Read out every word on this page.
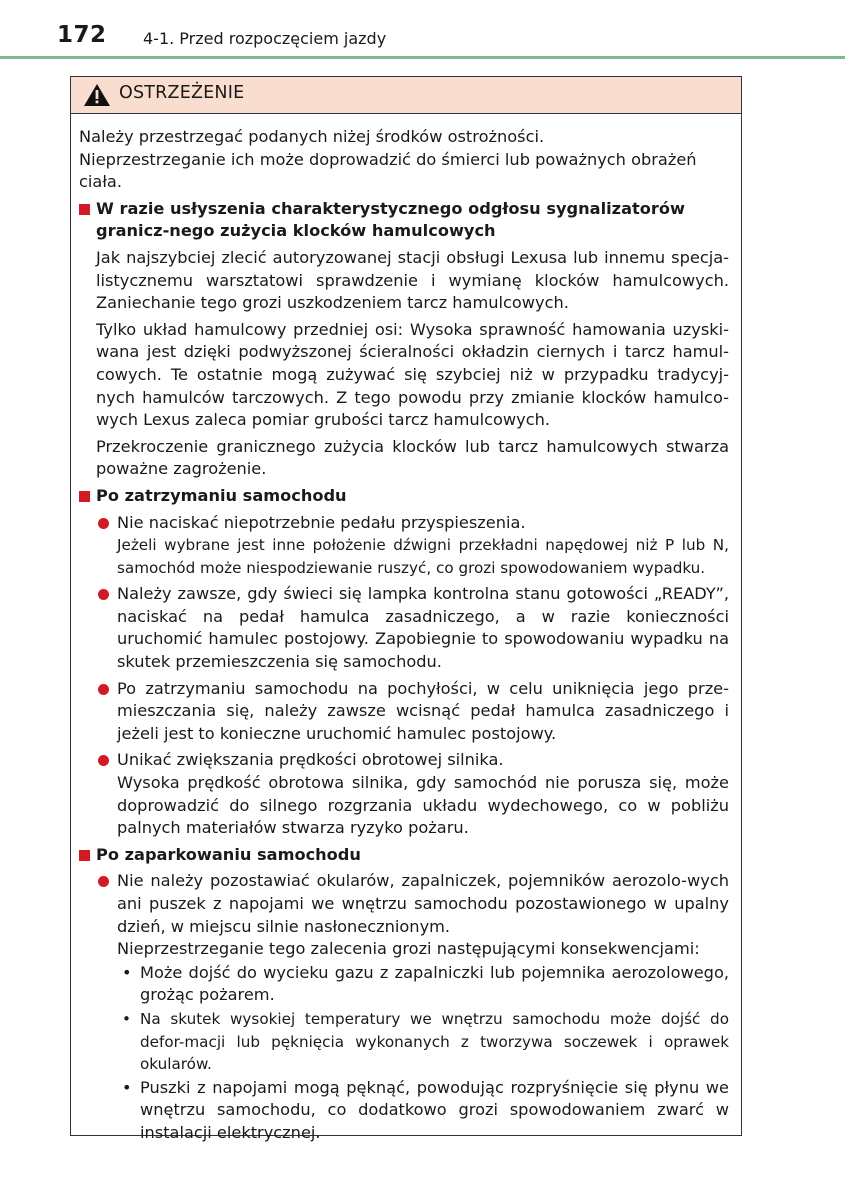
172 4-1. Przed rozpoczęciem jazdy
OSTRZEŻENIE

Należy przestrzegać podanych niżej środków ostrożności.

Nieprzestrzeganie ich może doprowadzić do śmierci lub poważnych obrażeń ciała.

W razie usłyszenia charakterystycznego odgłosu sygnalizatorów granicz-nego zużycia klocków hamulcowych

Jak najszybciej zlecić autoryzowanej stacji obsługi Lexusa lub innemu specja-listycznemu warsztatowi sprawdzenie i wymianę klocków hamulcowych. Zaniechanie tego grozi uszkodzeniem tarcz hamulcowych.

Tylko układ hamulcowy przedniej osi: Wysoka sprawność hamowania uzyski-wana jest dzięki podwyższonej ścieralności okładzin ciernych i tarcz hamul-cowych. Te ostatnie mogą zużywać się szybciej niż w przypadku tradycyj-nych hamulców tarczowych. Z tego powodu przy zmianie klocków hamulco-wych Lexus zaleca pomiar grubości tarcz hamulcowych.

Przekroczenie granicznego zużycia klocków lub tarcz hamulcowych stwarza poważne zagrożenie.

Po zatrzymaniu samochodu

Nie naciskać niepotrzebnie pedału przyspieszenia.
Jeżeli wybrane jest inne położenie dźwigni przekładni napędowej niż P lub N, samochód może niespodziewanie ruszyć, co grozi spowodowaniem wypadku.

Należy zawsze, gdy świeci się lampka kontrolna stanu gotowości „READY”, naciskać na pedał hamulca zasadniczego, a w razie konieczności uruchomić hamulec postojowy. Zapobiegnie to spowodowaniu wypadku na skutek przemieszczenia się samochodu.

Po zatrzymaniu samochodu na pochyłości, w celu uniknięcia jego prze-mieszczania się, należy zawsze wcisnąć pedał hamulca zasadniczego i jeżeli jest to konieczne uruchomić hamulec postojowy.

Unikać zwiększania prędkości obrotowej silnika.
Wysoka prędkość obrotowa silnika, gdy samochód nie porusza się, może doprowadzić do silnego rozgrzania układu wydechowego, co w pobliżu palnych materiałów stwarza ryzyko pożaru.

Po zaparkowaniu samochodu

Nie należy pozostawiać okularów, zapalniczek, pojemników aerozolo-wych ani puszek z napojami we wnętrzu samochodu pozostawionego w upalny dzień, w miejscu silnie nasłonecznionym.
Nieprzestrzeganie tego zalecenia grozi następującymi konsekwencjami:

• Może dojść do wycieku gazu z zapalniczki lub pojemnika aerozolowego, grożąc pożarem.

• Na skutek wysokiej temperatury we wnętrzu samochodu może dojść do defor-macji lub pęknięcia wykonanych z tworzywa soczewek i oprawek okularów.

• Puszki z napojami mogą pęknąć, powodując rozpryśnięcie się płynu we wnętrzu samochodu, co dodatkowo grozi spowodowaniem zwarć w instalacji elektrycznej.
